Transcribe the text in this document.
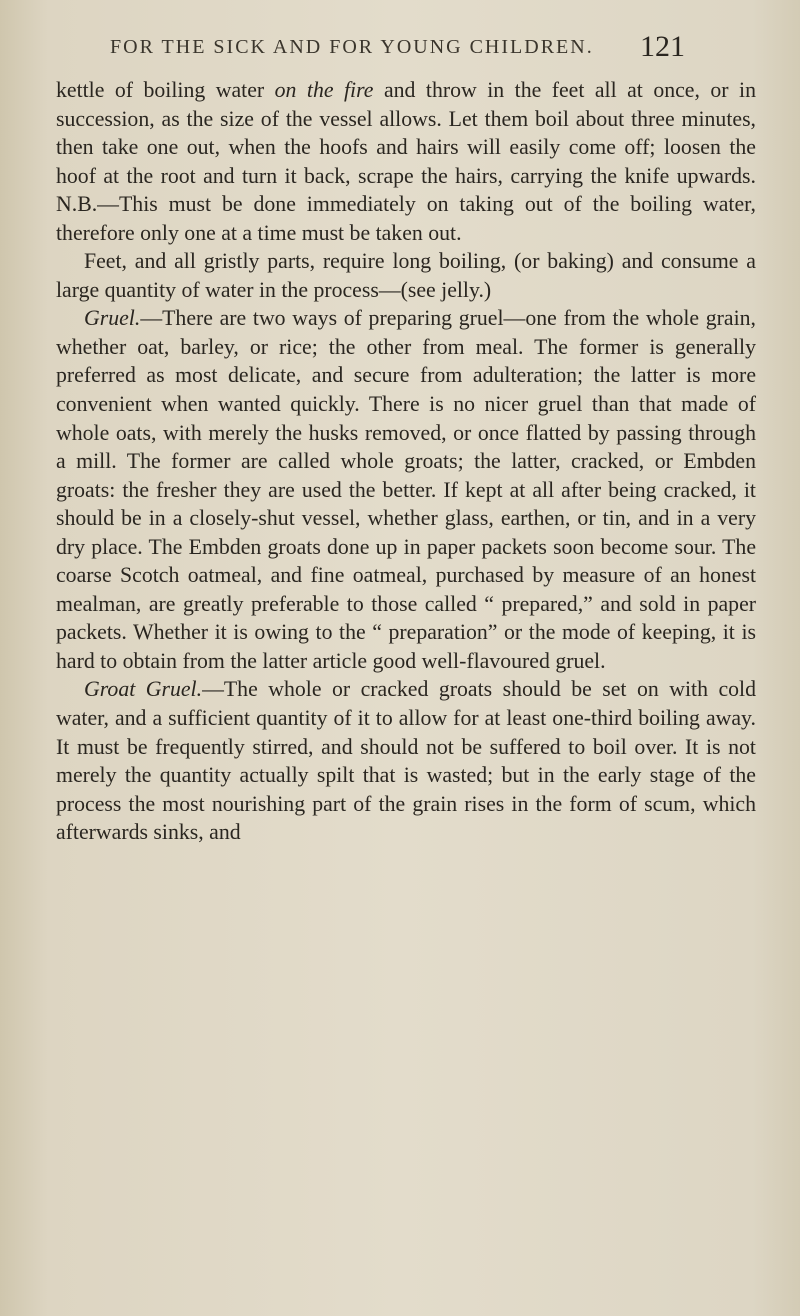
FOR THE SICK AND FOR YOUNG CHILDREN. 121

kettle of boiling water on the fire and throw in the feet all at once, or in succession, as the size of the vessel allows. Let them boil about three minutes, then take one out, when the hoofs and hairs will easily come off; loosen the hoof at the root and turn it back, scrape the hairs, carrying the knife upwards. N.B.—This must be done immediately on taking out of the boiling water, therefore only one at a time must be taken out.

Feet, and all gristly parts, require long boiling, (or baking) and consume a large quantity of water in the process—(see jelly.)

Gruel.—There are two ways of preparing gruel—one from the whole grain, whether oat, barley, or rice; the other from meal. The former is generally preferred as most delicate, and secure from adulteration; the latter is more convenient when wanted quickly. There is no nicer gruel than that made of whole oats, with merely the husks removed, or once flatted by passing through a mill. The former are called whole groats; the latter, cracked, or Embden groats: the fresher they are used the better. If kept at all after being cracked, it should be in a closely-shut vessel, whether glass, earthen, or tin, and in a very dry place. The Embden groats done up in paper packets soon become sour. The coarse Scotch oatmeal, and fine oatmeal, purchased by measure of an honest mealman, are greatly preferable to those called “ prepared,” and sold in paper packets. Whether it is owing to the “ preparation” or the mode of keeping, it is hard to obtain from the latter article good well-flavoured gruel.

Groat Gruel.—The whole or cracked groats should be set on with cold water, and a sufficient quantity of it to allow for at least one-third boiling away. It must be frequently stirred, and should not be suffered to boil over. It is not merely the quantity actually spilt that is wasted; but in the early stage of the process the most nourishing part of the grain rises in the form of scum, which afterwards sinks, and
